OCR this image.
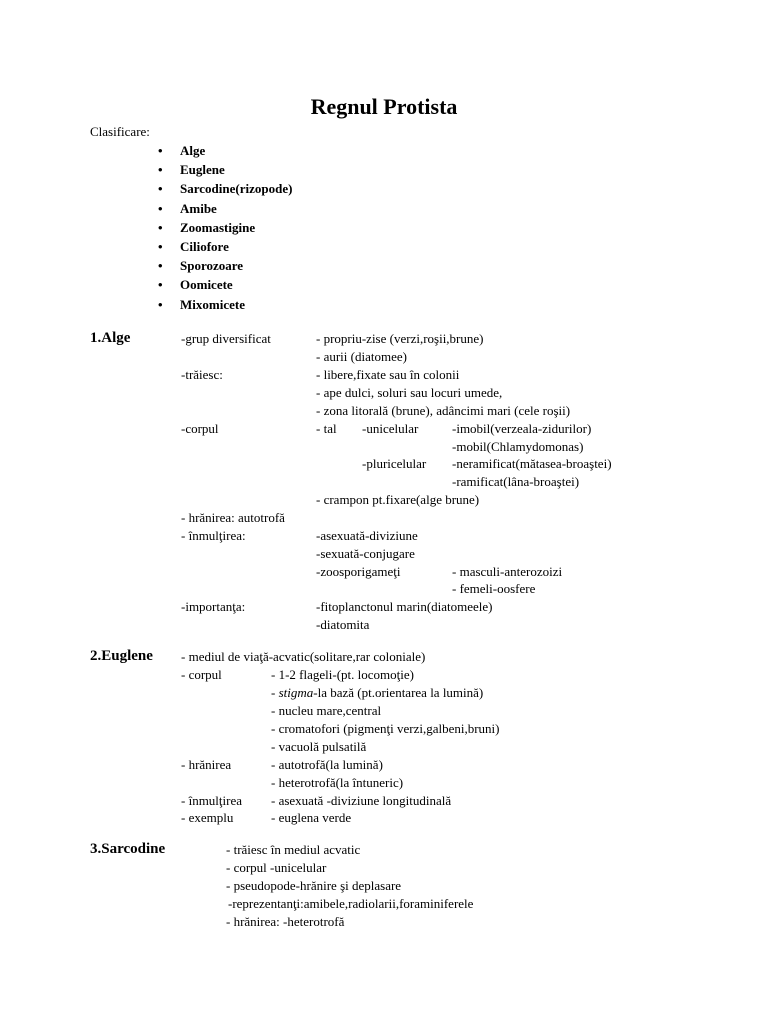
Regnul Protista
Clasificare:
• Alge
• Euglene
• Sarcodine(rizopode)
• Amibe
• Zoomastigine
• Ciliofore
• Sporozoare
• Oomicete
• Mixomicete
1.Alge	-grup diversificat	- propriu-zise (verzi,roşii,brune)
- aurii (diatomee)
-trăiesc:	- libere,fixate sau în colonii
- ape dulci, soluri sau locuri umede,
- zona litorală (brune), adâncimi mari (cele roşii)
-corpul	- tal -unicelular	-imobil(verzeala-zidurilor)
-mobil(Chlamydomonas)
-pluricelular -neramificat(mătasea-broaştei)
-ramificat(lâna-broaştei)
- crampon pt.fixare(alge brune)
- hrănirea: autotrofă
- înmulţirea:	-asexuată-diviziune
-sexuată-conjugare
-zoosporigameţi	- masculi-anterozoizi
- femeli-oosfere
-importanţa:	-fitoplanctonul marin(diatomeele)
-diatomita
2.Euglene - mediul de viaţă-acvatic(solitare,rar coloniale)
- corpul	- 1-2 flageli-(pt. locomoţie)
- stigma-la bază (pt.orientarea la lumină)
- nucleu mare,central
- cromatofori (pigmenţi verzi,galbeni,bruni)
- vacuolă pulsatilă
- hrănirea	- autotrofă(la lumină)
- heterotrofă(la întuneric)
- înmulţirea - asexuată -diviziune longitudinală
- exemplu	- euglena verde
3.Sarcodine	- trăiesc în mediul acvatic
- corpul -unicelular
- pseudopode-hrănire şi deplasare
-reprezentanţi:amibele,radiolarii,foraminiferele
- hrănirea: -heterotrofă
